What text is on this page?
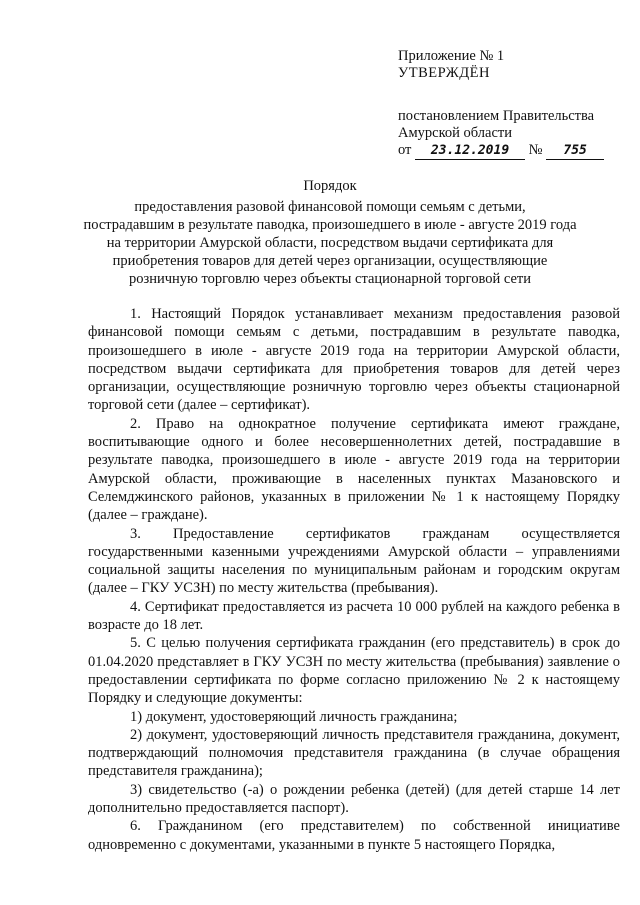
Приложение № 1
УТВЕРЖДЁН
постановлением Правительства
Амурской области
от 23.12.2019 № 755
Порядок
предоставления разовой финансовой помощи семьям с детьми,
пострадавшим в результате паводка, произошедшего в июле - августе 2019 года
на территории Амурской области, посредством выдачи сертификата для
приобретения товаров для детей через организации, осуществляющие
розничную торговлю через объекты стационарной торговой сети

1. Настоящий Порядок устанавливает механизм предоставления разовой финансовой помощи семьям с детьми, пострадавшим в результате паводка, произошедшего в июле - августе 2019 года на территории Амурской области, посредством выдачи сертификата для приобретения товаров для детей через организации, осуществляющие розничную торговлю через объекты стационарной торговой сети (далее – сертификат).

2. Право на однократное получение сертификата имеют граждане, воспитывающие одного и более несовершеннолетних детей, пострадавшие в результате паводка, произошедшего в июле - августе 2019 года на территории Амурской области, проживающие в населенных пунктах Мазановского и Селемджинского районов, указанных в приложении № 1 к настоящему Порядку (далее – граждане).

3. Предоставление сертификатов гражданам осуществляется государственными казенными учреждениями Амурской области – управлениями социальной защиты населения по муниципальным районам и городским округам (далее – ГКУ УСЗН) по месту жительства (пребывания).

4. Сертификат предоставляется из расчета 10 000 рублей на каждого ребенка в возрасте до 18 лет.

5. С целью получения сертификата гражданин (его представитель) в срок до 01.04.2020 представляет в ГКУ УСЗН по месту жительства (пребывания) заявление о предоставлении сертификата по форме согласно приложению № 2 к настоящему Порядку и следующие документы:

1) документ, удостоверяющий личность гражданина;

2) документ, удостоверяющий личность представителя гражданина, документ, подтверждающий полномочия представителя гражданина (в случае обращения представителя гражданина);

3) свидетельство (-а) о рождении ребенка (детей) (для детей старше 14 лет дополнительно предоставляется паспорт).

6. Гражданином (его представителем) по собственной инициативе одновременно с документами, указанными в пункте 5 настоящего Порядка,
